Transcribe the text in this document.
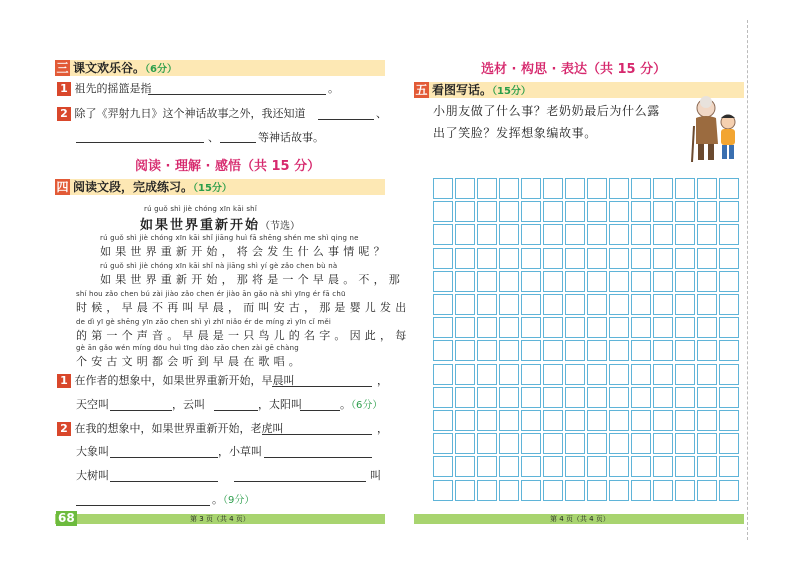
三 课文欢乐谷。（6分）
1 祖先的摇篮是指	。
2 除了《羿射九日》这个神话故事之外，我还知道	、
、	等神话故事。
阅读 · 理解 · 感悟（共 15 分）
四 阅读文段，完成练习。（15分）
rú guǒ shì jiè chóng xīn kāi shǐ
如果世界重新开始（节选）
rú guǒ shì jiè chóng xīn kāi shǐ jiāng huì fā shēng shén me shì qing ne
如果世界重新开始，将会发生什么事情呢？
rú guǒ shì jiè chóng xīn kāi shǐ nà jiāng shì yí gè zǎo chen bù nà
如果世界重新开始，那将是一个早晨。不，那
shí hou zǎo chen bú zài jiào zǎo chen ér jiào ān gǎo nà shì yīng ér fā chū
时候，早晨不再叫早晨，而叫安古，那是婴儿发出
de dì yī gè shēng yīn zǎo chen shì yì zhī niǎo ér de míng zì yīn cǐ měi
的第一个声音。早晨是一只鸟儿的名字。因此，每
gè ān gǎo wén míng dōu huì tīng dào zǎo chen zài gē chàng
个安古文明都会听到早晨在歌唱。
1 在作者的想象中，如果世界重新开始，早晨叫	，
天空叫	，云叫	，太阳叫	。（6分）
2 在我的想象中，如果世界重新开始，老虎叫	，
大象叫	，小草叫
大树叫	叫
。（9分）
68	第 3 页（共 4 页）
选材 · 构思 · 表达（共 15 分）
五 看图写话。（15分）
小朋友做了什么事？老奶奶最后为什么露
出了笑脸？发挥想象编故事。
第 4 页（共 4 页）
